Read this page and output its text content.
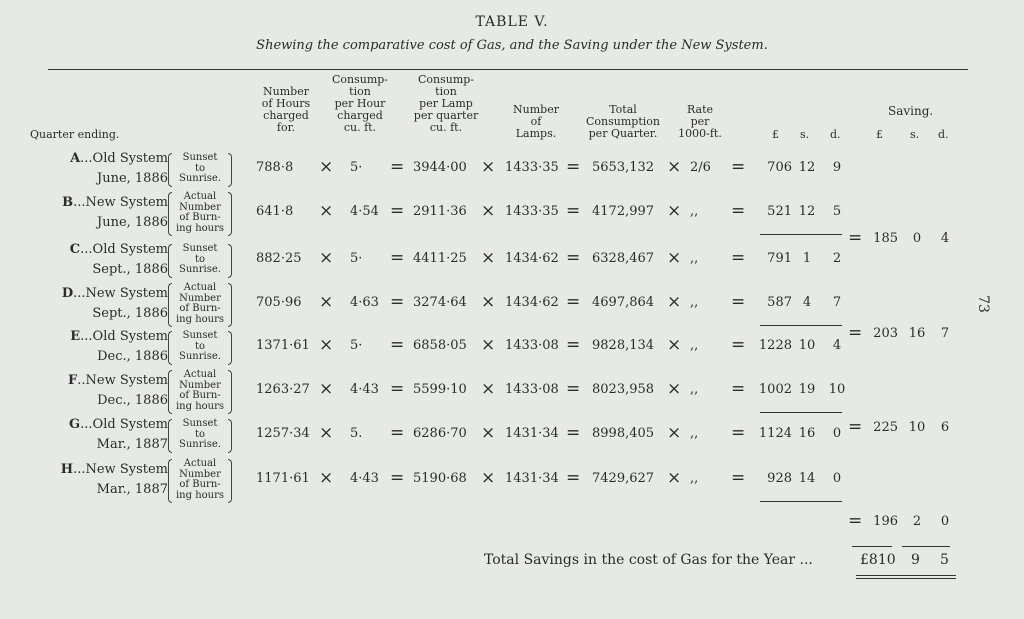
TABLE V.
Shewing the comparative cost of Gas, and the Saving under the New System.
Quarter ending.
Number
of Hours
charged
for.
Consump-
tion
per Hour
charged
cu. ft.
Consump-
tion
per Lamp
per quarter
cu. ft.
Number
of
Lamps.
Total
Consumption
per Quarter.
Rate
per
1000-ft.	£ s. d.
Saving.
£ s. d.
A...Old System
June, 1886
Sunset
to
Sunrise.
788·8 × 5· = 3944·00 × 1433·35 = 5653,132 × 2/6 =	706 12	9
B...New System
June, 1886
Actual
Number
of Burn-
ing hours
641·8 × 4·54 = 2911·36 × 1433·35 = 4172,997 × ,, =	521 12	5
C...Old System
Sept., 1886
Sunset
to
Sunrise.
882·25 × 5· = 4411·25 × 1434·62 = 6328,467 × ,, =	791 1	2
D...New System
Sept., 1886
Actual
Number
of Burn-
ing hours
705·96 × 4·63 = 3274·64 × 1434·62 = 4697,864 × ,, =	587 4	7
E...Old System
Dec., 1886
Sunset
to
Sunrise.
1371·61 × 5· = 6858·05 × 1433·08 = 9828,134 × ,, =	1228 10	4
F..New System
Dec., 1886
Actual
Number
of Burn-
ing hours
1263·27 × 4·43 = 5599·10 × 1433·08 = 8023,958 × ,, =	1002 19 10
G...Old System
Mar., 1887
Sunset
to
Sunrise.
1257·34 × 5. = 6286·70 × 1431·34 = 8998,405 × ,, =	1124 16	0
H...New System
Mar., 1887
Actual
Number
of Burn-
ing hours
1171·61 × 4·43 = 5190·68 × 1431·34 = 7429,627 × ,, =	928 14	0
= 185	0	4
= 203 16	7
= 225 10	6
= 196	2	0
Total Savings in the cost of Gas for the Year ...	£810 9 5
73
